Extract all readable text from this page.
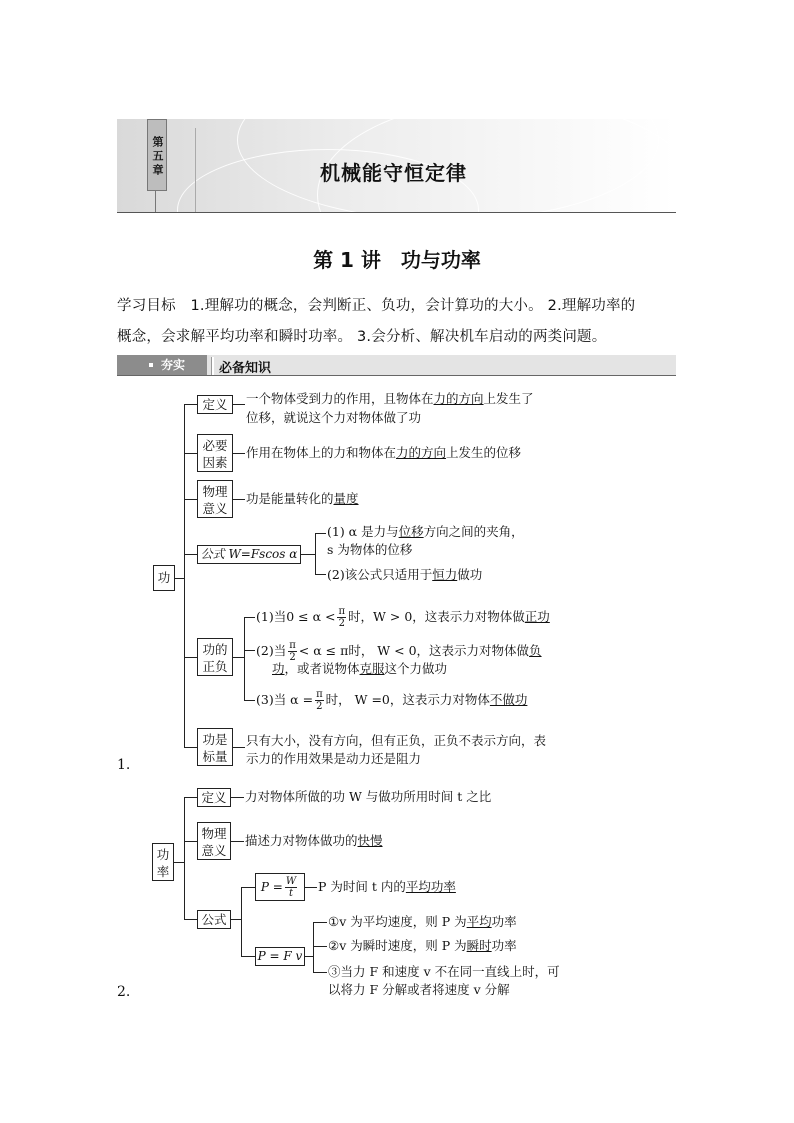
第五章	机械能守恒定律
第 1 讲　功与功率
学习目标　1.理解功的概念，会判断正、负功，会计算功的大小。 2.理解功率的
概念，会求解平均功率和瞬时功率。 3.会分析、解决机车启动的两类问题。
夯实	必备知识
1.
功
定义	一个物体受到力的作用，且物体在力的方向上发生了
位移，就说这个力对物体做了功
必要因素
作用在物体上的力和物体在力的方向上发生的位移
物理意义
功是能量转化的量度
公式 W=Fscos α
(1) α 是力与位移方向之间的夹角，
s 为物体的位移
(2)该公式只适用于恒力做功
功的正负
(1)当$0 \le \alpha < \frac{\pi}{2}$ 时，W > 0，这表示力对物体做正功
(2)当 $\frac{\pi}{2} < \alpha \le \pi$时， W < 0，这表示力对物体做负
功，或者说物体克服这个力做功
(3)当 $\alpha = \frac{\pi}{2}$ 时， W =0，这表示力对物体不做功
功是标量
只有大小，没有方向，但有正负，正负不表示方向，表
示力的作用效果是动力还是阻力
2.
功率
定义	力对物体所做的功 W 与做功所用时间 t 之比
物理意义
描述力对物体做功的快慢
公式
$P = \frac{W}{t}$ P 为时间 t 内的平均功率
P = F v
①v 为平均速度，则 P 为平均功率
②v 为瞬时速度，则 P 为瞬时功率
③当力 F 和速度 v 不在同一直线上时，可
以将力 F 分解或者将速度 v 分解
